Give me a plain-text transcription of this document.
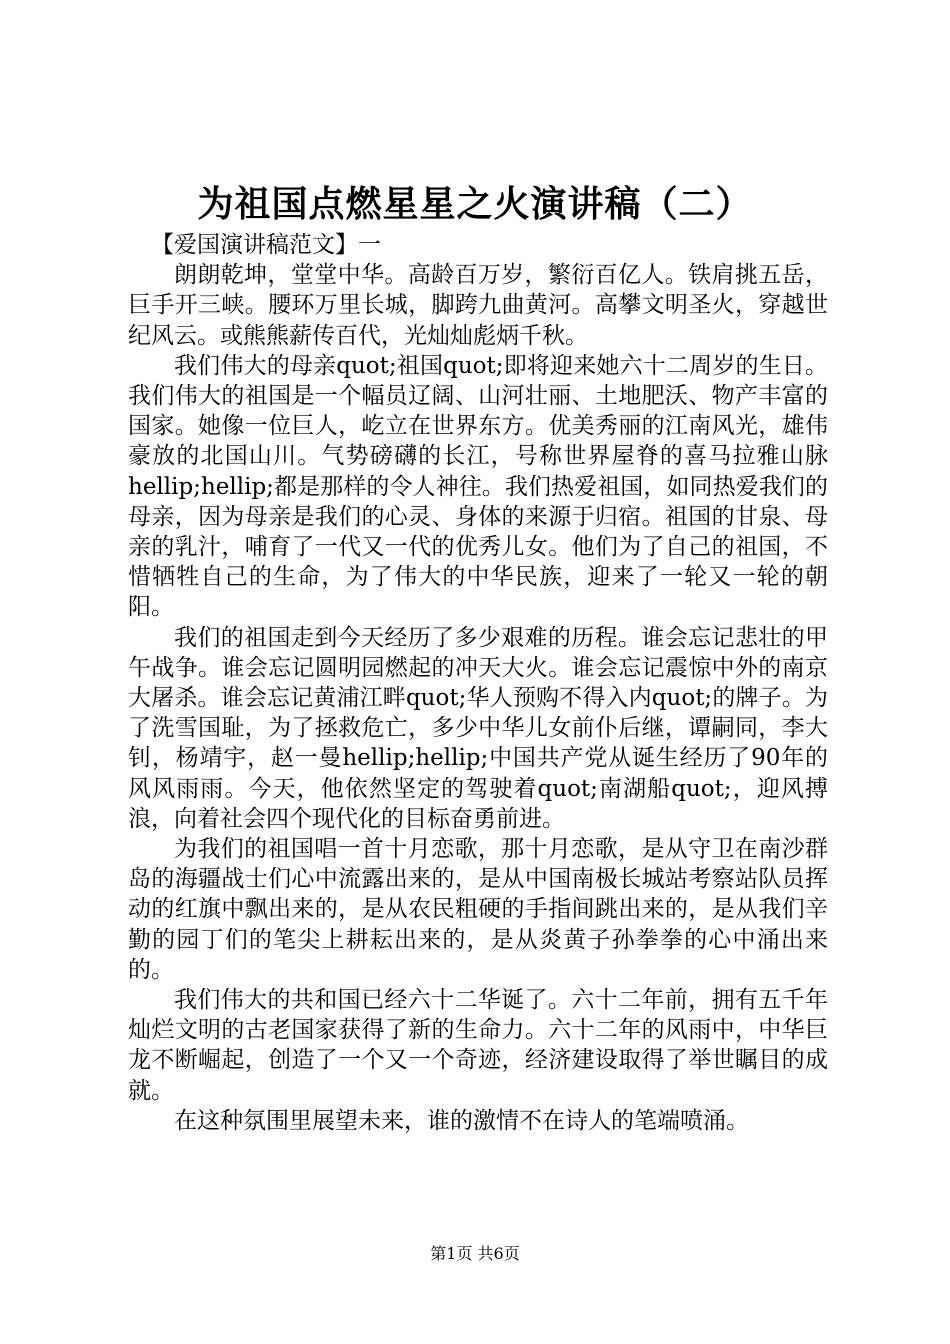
为祖国点燃星星之火演讲稿（二）

【爱国演讲稿范文】一

朗朗乾坤，堂堂中华。高龄百万岁，繁衍百亿人。铁肩挑五岳，巨手开三峡。腰环万里长城，脚跨九曲黄河。高攀文明圣火，穿越世纪风云。或熊熊薪传百代，光灿灿彪炳千秋。

我们伟大的母亲quot;祖国quot;即将迎来她六十二周岁的生日。我们伟大的祖国是一个幅员辽阔、山河壮丽、土地肥沃、物产丰富的国家。她像一位巨人，屹立在世界东方。优美秀丽的江南风光，雄伟豪放的北国山川。气势磅礴的长江，号称世界屋脊的喜马拉雅山脉hellip;hellip;都是那样的令人神往。我们热爱祖国，如同热爱我们的母亲，因为母亲是我们的心灵、身体的来源于归宿。祖国的甘泉、母亲的乳汁，哺育了一代又一代的优秀儿女。他们为了自己的祖国，不惜牺牲自己的生命，为了伟大的中华民族，迎来了一轮又一轮的朝阳。

我们的祖国走到今天经历了多少艰难的历程。谁会忘记悲壮的甲午战争。谁会忘记圆明园燃起的冲天大火。谁会忘记震惊中外的南京大屠杀。谁会忘记黄浦江畔quot;华人预购不得入内quot;的牌子。为了洗雪国耻，为了拯救危亡，多少中华儿女前仆后继，谭嗣同，李大钊，杨靖宇，赵一曼hellip;hellip;中国共产党从诞生经历了90年的风风雨雨。今天，他依然坚定的驾驶着quot;南湖船quot;，迎风搏浪，向着社会四个现代化的目标奋勇前进。

为我们的祖国唱一首十月恋歌，那十月恋歌，是从守卫在南沙群岛的海疆战士们心中流露出来的，是从中国南极长城站考察站队员挥动的红旗中飘出来的，是从农民粗硬的手指间跳出来的，是从我们辛勤的园丁们的笔尖上耕耘出来的，是从炎黄子孙拳拳的心中涌出来的。

我们伟大的共和国已经六十二华诞了。六十二年前，拥有五千年灿烂文明的古老国家获得了新的生命力。六十二年的风雨中，中华巨龙不断崛起，创造了一个又一个奇迹，经济建设取得了举世瞩目的成就。

在这种氛围里展望未来，谁的激情不在诗人的笔端喷涌。

第1页 共6页
